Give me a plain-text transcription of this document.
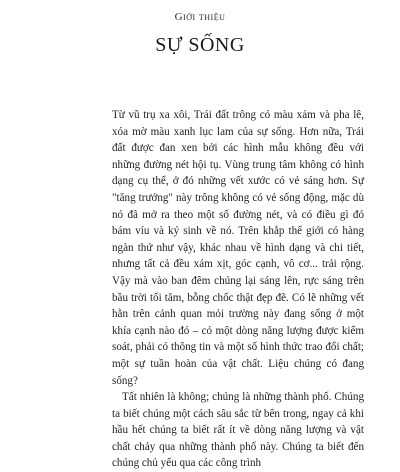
Giới thiệu
SỰ SỐNG

Từ vũ trụ xa xôi, Trái đất trông có màu xám và pha lê, xóa mờ màu xanh lục lam của sự sống. Hơn nữa, Trái đất được đan xen bởi các hình mẫu không đều với những đường nét hội tụ. Vùng trung tâm không có hình dạng cụ thể, ở đó những vết xước có vẻ sáng hơn. Sự "tăng trưởng" này trông không có vẻ sống động, mặc dù nó đã mở ra theo một số đường nét, và có điều gì đó bám víu và ký sinh về nó. Trên khắp thế giới có hàng ngàn thứ như vậy, khác nhau về hình dạng và chi tiết, nhưng tất cả đều xám xịt, góc cạnh, vô cơ... trải rộng. Vậy mà vào ban đêm chúng lại sáng lên, rực sáng trên bầu trời tối tăm, bỗng chốc thật đẹp đẽ. Có lẽ những vết hằn trên cảnh quan mỏi trường này đang sống ở một khía cạnh nào đó – có một dòng năng lượng được kiểm soát, phải có thông tin và một số hình thức trao đổi chất; một sự tuần hoàn của vật chất. Liệu chúng có đang sống?

Tất nhiên là không; chúng là những thành phố. Chúng ta biết chúng một cách sâu sắc từ bên trong, ngay cả khi hầu hết chúng ta biết rất ít về dòng năng lượng và vật chất chảy qua những thành phố này. Chúng ta biết đến chúng chủ yếu qua các công trình
